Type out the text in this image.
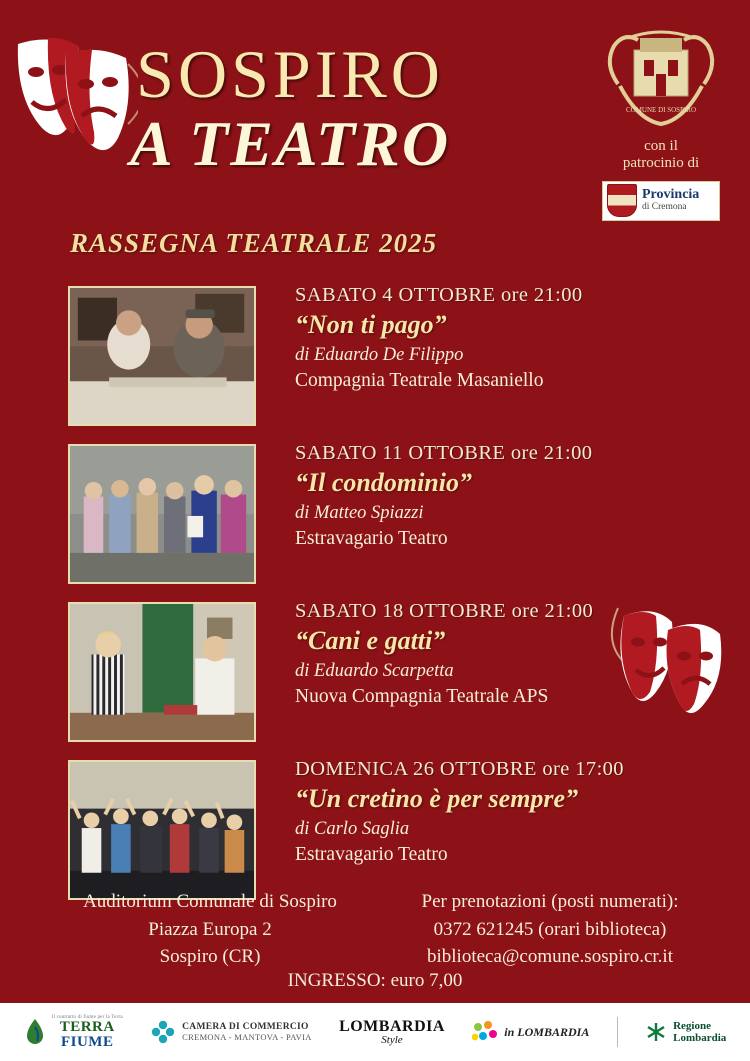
SOSPIRO
A TEATRO
RASSEGNA TEATRALE 2025
COMUNE DI SOSPIRO
con il
patrocinio di
Provincia
di Cremona
SABATO 4 OTTOBRE ore 21:00
“Non ti pago”
di Eduardo De Filippo
Compagnia Teatrale Masaniello
SABATO 11 OTTOBRE ore 21:00
“Il condominio”
di Matteo Spiazzi
Estravagario Teatro
SABATO 18 OTTOBRE ore 21:00
“Cani e gatti”
di Eduardo Scarpetta
Nuova Compagnia Teatrale APS
DOMENICA 26 OTTOBRE ore 17:00
“Un cretino è per sempre”
di Carlo Saglia
Estravagario Teatro
Auditorium Comunale di Sospiro
Piazza Europa 2
Sospiro (CR)
Per prenotazioni (posti numerati):
0372 621245 (orari biblioteca)
biblioteca@comune.sospiro.cr.it
INGRESSO: euro 7,00
Il contratto di fiume per la Terra
TERRA
FIUME
CAMERA DI COMMERCIO
CREMONA - MANTOVA - PAVIA
LOMBARDIA
Style
in LOMBARDIA	Regione
Lombardia
